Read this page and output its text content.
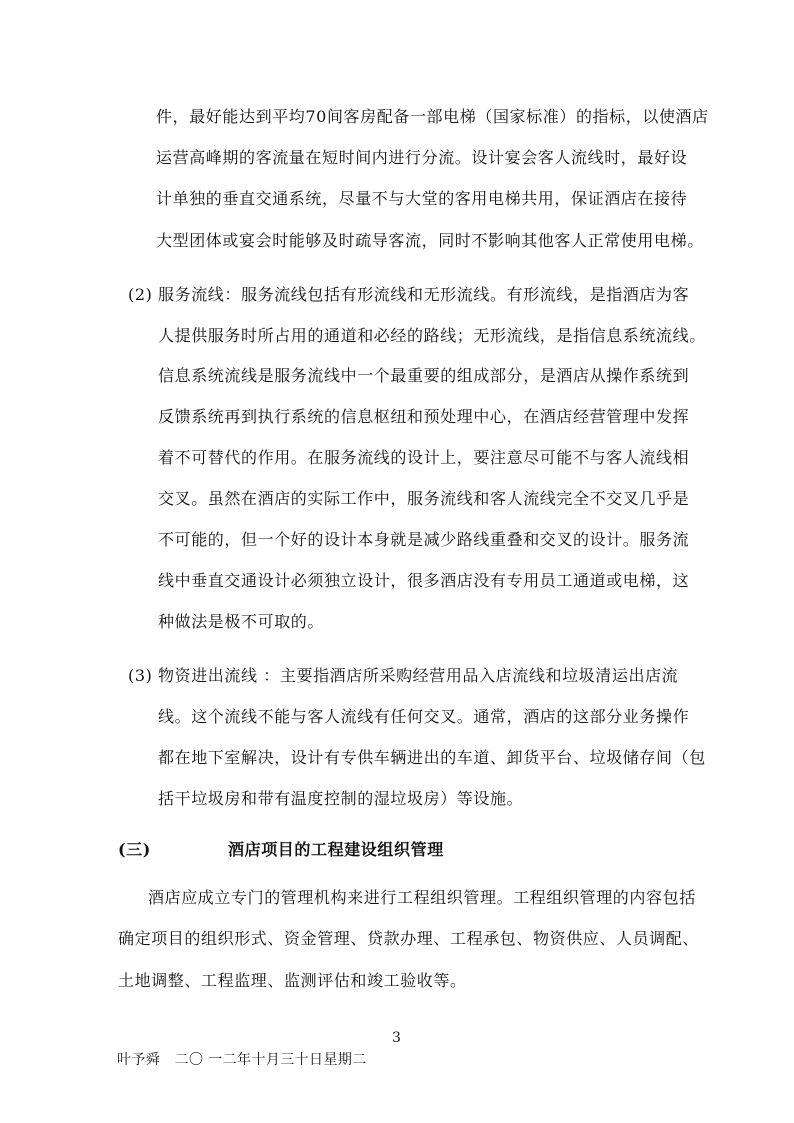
件，最好能达到平均70间客房配备一部电梯（国家标准）的指标，以使酒店
运营高峰期的客流量在短时间内进行分流。设计宴会客人流线时，最好设
计单独的垂直交通系统，尽量不与大堂的客用电梯共用，保证酒店在接待
大型团体或宴会时能够及时疏导客流，同时不影响其他客人正常使用电梯。
(2) 服务流线：服务流线包括有形流线和无形流线。有形流线，是指酒店为客
人提供服务时所占用的通道和必经的路线；无形流线，是指信息系统流线。
信息系统流线是服务流线中一个最重要的组成部分，是酒店从操作系统到
反馈系统再到执行系统的信息枢纽和预处理中心，在酒店经营管理中发挥
着不可替代的作用。在服务流线的设计上，要注意尽可能不与客人流线相
交叉。虽然在酒店的实际工作中，服务流线和客人流线完全不交叉几乎是
不可能的，但一个好的设计本身就是减少路线重叠和交叉的设计。服务流
线中垂直交通设计必须独立设计，很多酒店没有专用员工通道或电梯，这
种做法是极不可取的。
(3) 物资进出流线 ：主要指酒店所采购经营用品入店流线和垃圾清运出店流
线。这个流线不能与客人流线有任何交叉。通常，酒店的这部分业务操作
都在地下室解决，设计有专供车辆进出的车道、卸货平台、垃圾储存间（包
括干垃圾房和带有温度控制的湿垃圾房）等设施。
(三)	酒店项目的工程建设组织管理
酒店应成立专门的管理机构来进行工程组织管理。工程组织管理的内容包括
确定项目的组织形式、资金管理、贷款办理、工程承包、物资供应、人员调配、
土地调整、工程监理、监测评估和竣工验收等。
3
叶予舜　二〇 一二年十月三十日星期二
